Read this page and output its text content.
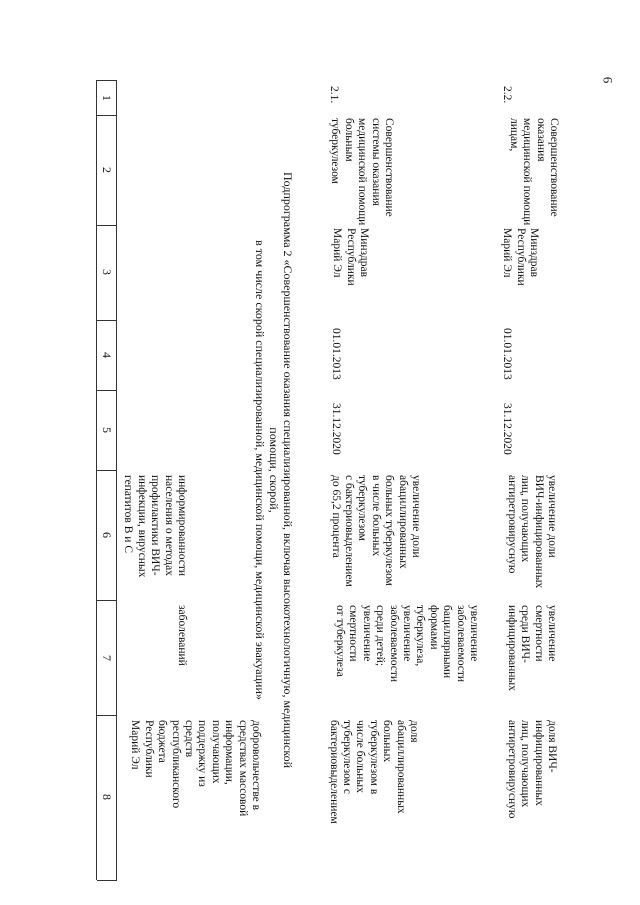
6
1
2
3
4
5
6
7
8
информированности
населения о методах
профилактики ВИЧ-
инфекции, вирусных
гепатитов В и С
заболеваний
добровольчестве в
средствах массовой
информации,
получающих
поддержку из
средств
республиканского
бюджета
Республики
Марий Эл	Подпрограмма 2 «Совершенствование оказания специализированной, включая высокотехнологичную, медицинской помощи, скорой,
в том числе скорой специализированной, медицинской помощи, медицинской эвакуации»
2.1.
Совершенствование
системы оказания
медицинской помощи
больным
туберкулезом
Минздрав
Республики
Марий Эл
01.01.2013
31.12.2020
увеличение доли
абациллированных
больных туберкулезом
в числе больных
туберкулезом
с бактериовыделением
до 65,2 процента
увеличение
заболеваемости
бациллярными
формами
туберкулеза,
увеличение
заболеваемости
среди детей;
увеличение
смертности
от туберкулеза
доля
абациллированных
больных
туберкулезом в
числе больных
туберкулезом с
бактериовыделением
2.2.
Совершенствование
оказания
медицинской помощи
лицам,
Минздрав
Республики
Марий Эл
01.01.2013
31.12.2020
увеличение доли
ВИЧ-инфицированных
лиц, получающих
антиретровирусную
увеличение
смертности
среди ВИЧ-
инфицированных
доля ВИЧ-
инфицированных
лиц, получающих
антиретровирусную
